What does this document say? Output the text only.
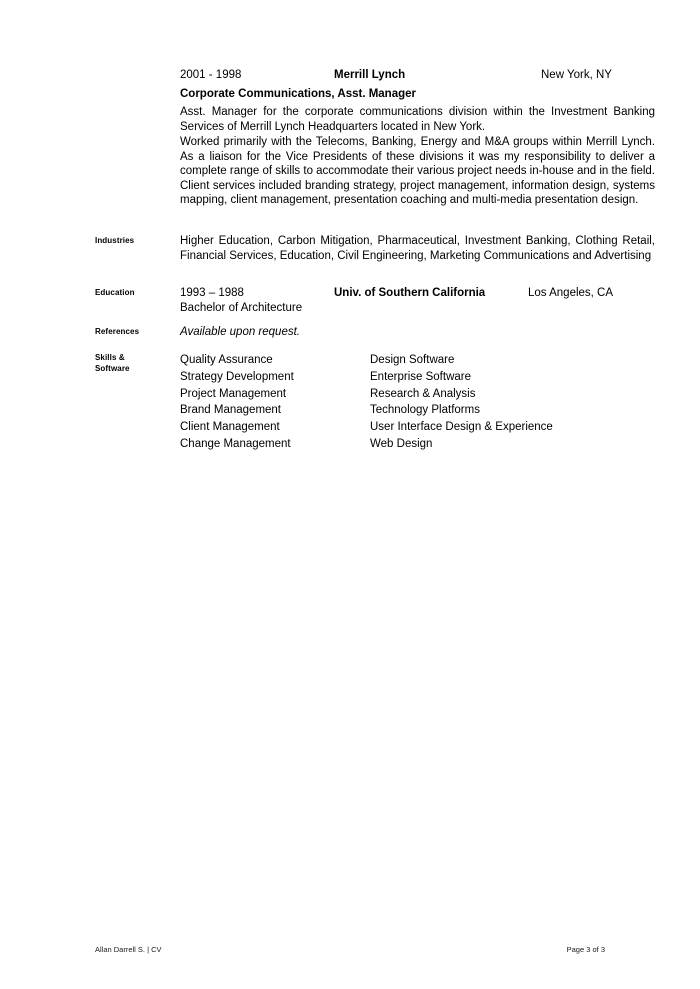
2001 - 1998	Merrill Lynch	New York, NY
Corporate Communications, Asst. Manager
Asst. Manager for the corporate communications division within the Investment Banking Services of Merrill Lynch Headquarters located in New York.
Worked primarily with the Telecoms, Banking, Energy and M&A groups within Merrill Lynch. As a liaison for the Vice Presidents of these divisions it was my responsibility to deliver a complete range of skills to accommodate their various project needs in-house and in the field. Client services included branding strategy, project management, information design, systems mapping, client management, presentation coaching and multi-media presentation design.
Industries	Higher Education, Carbon Mitigation, Pharmaceutical, Investment Banking, Clothing Retail, Financial Services, Education, Civil Engineering, Marketing Communications and Advertising
Education	1993 – 1988	Univ. of Southern California	Los Angeles, CA
Bachelor of Architecture
References	Available upon request.
Skills &
Software
Quality Assurance	Design Software
Strategy Development	Enterprise Software
Project Management	Research & Analysis
Brand Management	Technology Platforms
Client Management	User Interface Design & Experience
Change Management	Web Design
Allan Darrell S. | CV	Page 3 of 3
